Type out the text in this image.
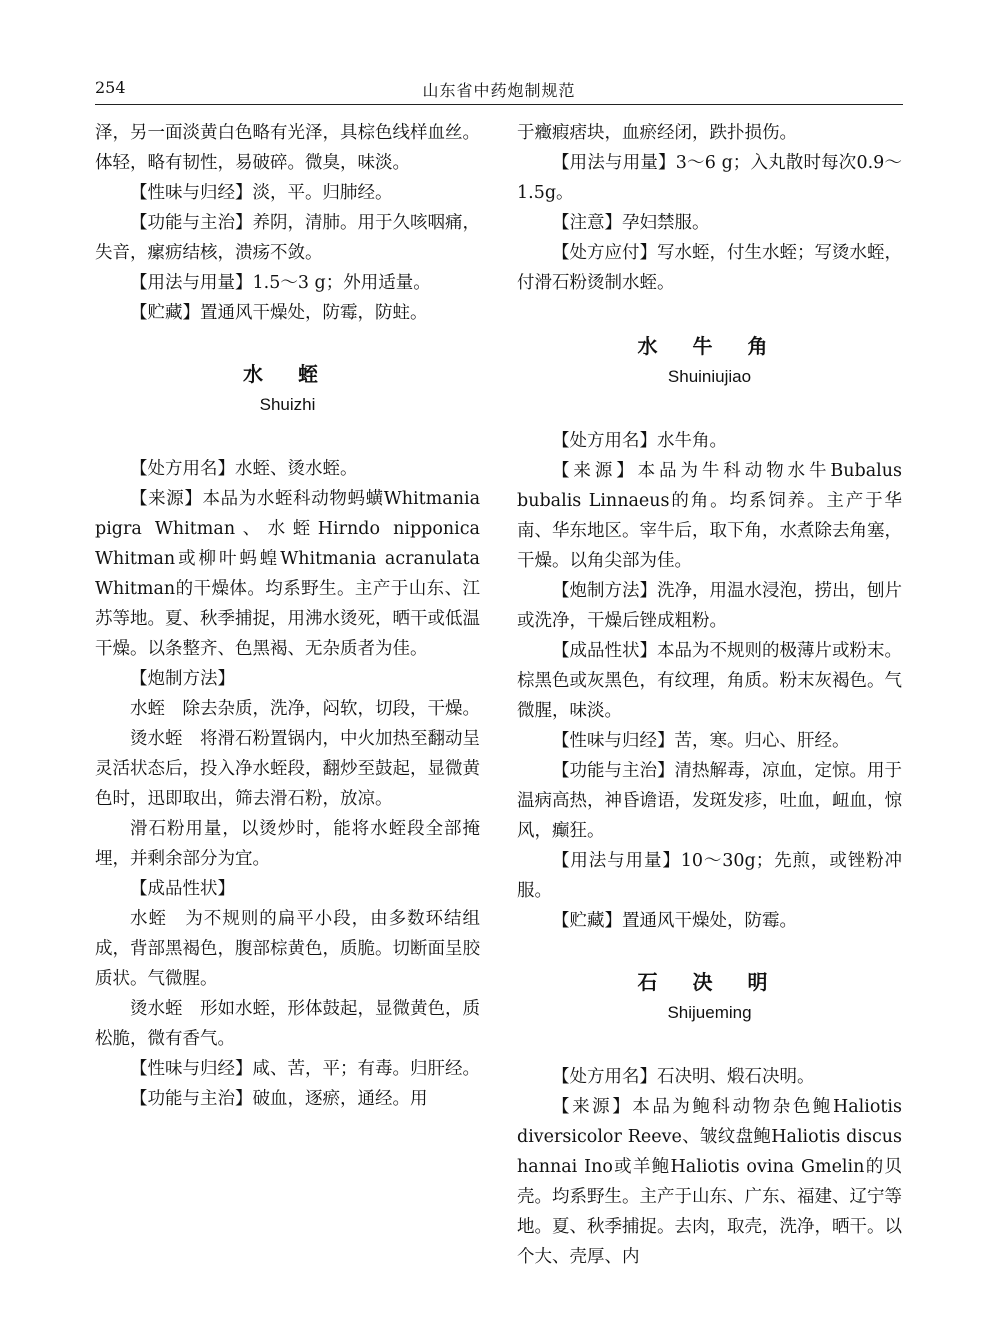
254	山东省中药炮制规范

泽，另一面淡黄白色略有光泽，具棕色线样血丝。体轻，略有韧性，易破碎。微臭，味淡。

【性味与归经】淡，平。归肺经。

【功能与主治】养阴，清肺。用于久咳咽痛，失音，瘰疬结核，溃疡不敛。

【用法与用量】1.5～3 g；外用适量。

【贮藏】置通风干燥处，防霉，防蛀。

水 蛭
Shuizhi

【处方用名】水蛭、烫水蛭。

【来源】本品为水蛭科动物蚂蟥Whitmania pigra Whitman、水蛭Hirndo nipponica Whitman或柳叶蚂蝗Whitmania acranulata Whitman的干燥体。均系野生。主产于山东、江苏等地。夏、秋季捕捉，用沸水烫死，晒干或低温干燥。以条整齐、色黑褐、无杂质者为佳。

【炮制方法】

水蛭　除去杂质，洗净，闷软，切段，干燥。

烫水蛭　将滑石粉置锅内，中火加热至翻动呈灵活状态后，投入净水蛭段，翻炒至鼓起，显微黄色时，迅即取出，筛去滑石粉，放凉。

滑石粉用量，以烫炒时，能将水蛭段全部掩埋，并剩余部分为宜。

【成品性状】

水蛭　为不规则的扁平小段，由多数环结组成，背部黑褐色，腹部棕黄色，质脆。切断面呈胶质状。气微腥。

烫水蛭　形如水蛭，形体鼓起，显微黄色，质松脆，微有香气。

【性味与归经】咸、苦，平；有毒。归肝经。

【功能与主治】破血，逐瘀，通经。用

于癥瘕痞块，血瘀经闭，跌扑损伤。

【用法与用量】3～6 g；入丸散时每次0.9～1.5g。

【注意】孕妇禁服。

【处方应付】写水蛭，付生水蛭；写烫水蛭，付滑石粉烫制水蛭。

水 牛 角
Shuiniujiao

【处方用名】水牛角。

【来源】本品为牛科动物水牛Bubalus bubalis Linnaeus的角。均系饲养。主产于华南、华东地区。宰牛后，取下角，水煮除去角塞，干燥。以角尖部为佳。

【炮制方法】洗净，用温水浸泡，捞出，刨片或洗净，干燥后锉成粗粉。

【成品性状】本品为不规则的极薄片或粉末。棕黑色或灰黑色，有纹理，角质。粉末灰褐色。气微腥，味淡。

【性味与归经】苦，寒。归心、肝经。

【功能与主治】清热解毒，凉血，定惊。用于温病高热，神昏谵语，发斑发疹，吐血，衄血，惊风，癫狂。

【用法与用量】10～30g；先煎，或锉粉冲服。

【贮藏】置通风干燥处，防霉。

石 决 明
Shijueming

【处方用名】石决明、煅石决明。

【来源】本品为鲍科动物杂色鲍Haliotis diversicolor Reeve、皱纹盘鲍Haliotis discus hannai Ino或羊鲍Haliotis ovina Gmelin的贝壳。均系野生。主产于山东、广东、福建、辽宁等地。夏、秋季捕捉。去肉，取壳，洗净，晒干。以个大、壳厚、内
